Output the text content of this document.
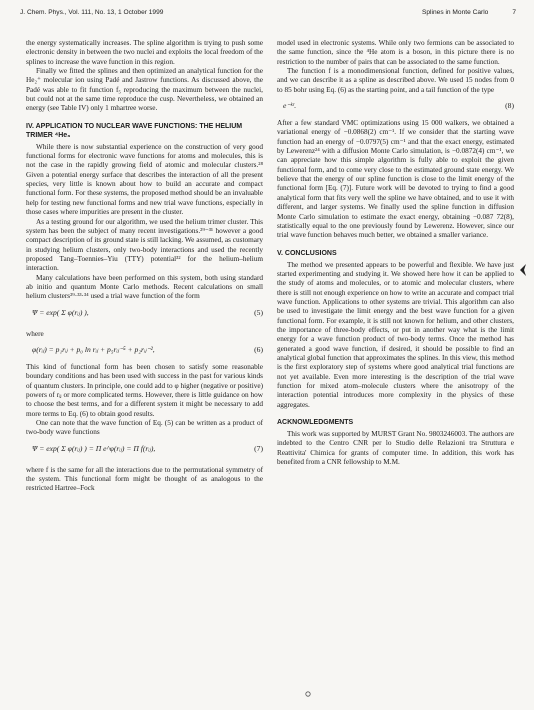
J. Chem. Phys., Vol. 111, No. 13, 1 October 1999	Splines in Monte Carlo	7

the energy systematically increases. The spline algorithm is trying to push some electronic density in between the two nuclei and exploits the local freedom of the splines to increase the wave function in this region.

Finally we fitted the splines and then optimized an analytical function for the He₂⁺ molecular ion using Padé and Jastrow functions. As discussed above, the Padé was able to fit function f₅ reproducing the maximum between the nuclei, but could not at the same time reproduce the cusp. Nevertheless, we obtained an energy (see Table IV) only 1 mhartree worse.

IV. APPLICATION TO NUCLEAR WAVE FUNCTIONS: THE HELIUM TRIMER ⁴He₃

While there is now substantial experience on the construction of very good functional forms for electronic wave functions for atoms and molecules, this is not the case in the rapidly growing field of atomic and molecular clusters.²⁸ Given a potential energy surface that describes the interaction of all the present species, very little is known about how to build an accurate and compact functional form. For these systems, the proposed method should be an invaluable help for testing new functional forms and new trial wave functions, especially in those cases where impurities are present in the cluster.

As a testing ground for our algorithm, we used the helium trimer cluster. This system has been the subject of many recent investigations.²⁹⁻³¹ however a good compact description of its ground state is still lacking. We assumed, as customary in studying helium clusters, only two-body interactions and used the recently proposed Tang–Toennies–Yiu (TTY) potential³² for the helium–helium interaction.

Many calculations have been performed on this system, both using standard ab initio and quantum Monte Carlo methods. Recent calculations on small helium clusters²⁹·³³·³⁴ used a trial wave function of the form

Ψ = exp( Σ φ(rᵢⱼ) ),	(5)

where

φ(rᵢⱼ) = p₁rᵢⱼ + p₀ ln rᵢⱼ + p₅rᵢⱼ⁻⁵ + p₂rᵢⱼ⁻²,	(6)

This kind of functional form has been chosen to satisfy some reasonable boundary conditions and has been used with success in the past for various kinds of quantum clusters. In principle, one could add to φ higher (negative or positive) powers of rᵢⱼ or more complicated terms. However, there is little guidance on how to choose the best terms, and for a different system it might be necessary to add more terms to Eq. (6) to obtain good results.

One can note that the wave function of Eq. (5) can be written as a product of two-body wave functions

Ψ = exp( Σ φ(rᵢⱼ) ) = Π e^φ(rᵢⱼ) = Π f(rᵢⱼ),	(7)

where f is the same for all the interactions due to the permutational symmetry of the system. This functional form might be thought of as analogous to the restricted Hartree–Fock

model used in electronic systems. While only two fermions can be associated to the same function, since the ⁴He atom is a boson, in this picture there is no restriction to the number of pairs that can be associated to the same function.

The function f is a monodimensional function, defined for positive values, and we can describe it as a spline as described above. We used 15 nodes from 0 to 85 bohr using Eq. (6) as the starting point, and a tail function of the type

e⁻ᵏʳ.	(8)

After a few standard VMC optimizations using 15 000 walkers, we obtained a variational energy of −0.0868(2) cm⁻¹. If we consider that the starting wave function had an energy of −0.0797(5) cm⁻¹ and that the exact energy, estimated by Lewerenz²⁴ with a diffusion Monte Carlo simulation, is −0.0872(4) cm⁻¹, we can appreciate how this simple algorithm is fully able to exploit the given functional form, and to come very close to the estimated ground state energy. We believe that the energy of our spline function is close to the limit energy of the functional form [Eq. (7)]. Future work will be devoted to trying to find a good analytical form that fits very well the spline we have obtained, and to use it with different, and larger systems. We finally used the spline function in diffusion Monte Carlo simulation to estimate the exact energy, obtaining −0.087 72(8), statistically equal to the one previously found by Lewerenz. However, since our trial wave function behaves much better, we obtained a smaller variance.

V. CONCLUSIONS

The method we presented appears to be powerful and flexible. We have just started experimenting and studying it. We showed here how it can be applied to the study of atoms and molecules, or to atomic and molecular clusters, where there is still not enough experience on how to write an accurate and compact trial wave function. Applications to other systems are trivial. This algorithm can also be used to investigate the limit energy and the best wave function for a given functional form. For example, it is still not known for helium, and other clusters, the importance of three-body effects, or put in another way what is the limit energy for a wave function product of two-body terms. Once the method has generated a good wave function, if desired, it should be possible to find an analytical global function that approximates the splines. In this view, this method is the first exploratory step of systems where good analytical trial functions are not yet available. Even more interesting is the description of the trial wave function for mixed atom–molecule clusters where the anisotropy of the interaction potential introduces more complexity in the physics of these aggregates.

ACKNOWLEDGMENTS

This work was supported by MURST Grant No. 9803246003. The authors are indebted to the Centro CNR per lo Studio delle Relazioni tra Struttura e Reattivita' Chimica for grants of computer time. In addition, this work has benefited from a CNR fellowship to M.M.
